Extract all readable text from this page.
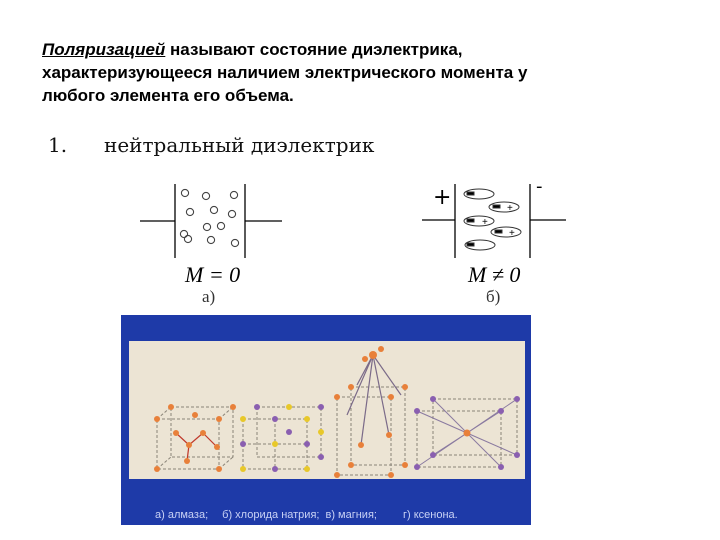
Поляризацией называют состояние диэлектрика,
характеризующееся наличием электрического момента у
любого элемента его объема.
1. нейтральный диэлектрик
M = 0
а)
+	-
+
+
+
M ≠ 0
б)
а) алмаза; б) хлорида натрия; в) магния; г) ксенона.
